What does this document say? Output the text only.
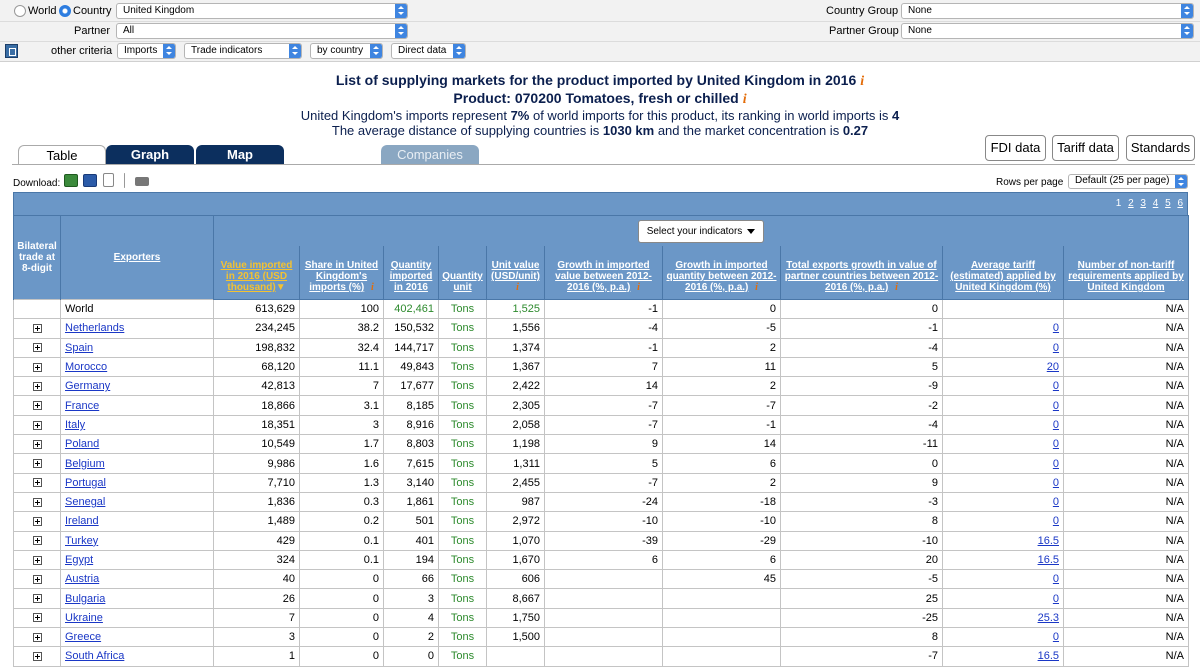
World Country	United Kingdom	Country Group None
Partner	All	Partner Group None
other criteria	Imports	Trade indicators	by country	Direct data
List of supplying markets for the product imported by United Kingdom in 2016 i
Product: 070200 Tomatoes, fresh or chilled i
United Kingdom's imports represent 7% of world imports for this product, its ranking in world imports is 4
The average distance of supplying countries is 1030 km and the market concentration is 0.27
Table	Graph	Map	Companies	FDI data	Tariff data	Standards
Download:	Rows per page	Default (25 per page)
1 2 3 4 5 6
Bilateral trade at 8-digit	Exporters	Select your indicators									
		Value imported in 2016 (USD thousand)▼	Share in United Kingdom's imports (%) i	Quantity imported in 2016	Quantity unit	Unit value (USD/unit) i	Growth in imported value between 2012-2016 (%, p.a.) i	Growth in imported quantity between 2012-2016 (%, p.a.) i	Total exports growth in value of partner countries between 2012-2016 (%, p.a.) i	Average tariff (estimated) applied by United Kingdom (%)	Number of non-tariff requirements applied by United Kingdom
	World	613,629	100	402,461	Tons	1,525	-1	0	0		N/A
	Netherlands	234,245	38.2	150,532	Tons	1,556	-4	-5	-1	0	N/A
	Spain	198,832	32.4	144,717	Tons	1,374	-1	2	-4	0	N/A
	Morocco	68,120	11.1	49,843	Tons	1,367	7	11	5	20	N/A
	Germany	42,813	7	17,677	Tons	2,422	14	2	-9	0	N/A
	France	18,866	3.1	8,185	Tons	2,305	-7	-7	-2	0	N/A
	Italy	18,351	3	8,916	Tons	2,058	-7	-1	-4	0	N/A
	Poland	10,549	1.7	8,803	Tons	1,198	9	14	-11	0	N/A
	Belgium	9,986	1.6	7,615	Tons	1,311	5	6	0	0	N/A
	Portugal	7,710	1.3	3,140	Tons	2,455	-7	2	9	0	N/A
	Senegal	1,836	0.3	1,861	Tons	987	-24	-18	-3	0	N/A
	Ireland	1,489	0.2	501	Tons	2,972	-10	-10	8	0	N/A
	Turkey	429	0.1	401	Tons	1,070	-39	-29	-10	16.5	N/A
	Egypt	324	0.1	194	Tons	1,670	6	6	20	16.5	N/A
	Austria	40	0	66	Tons	606		45	-5	0	N/A
	Bulgaria	26	0	3	Tons	8,667			25	0	N/A
	Ukraine	7	0	4	Tons	1,750			-25	25.3	N/A
	Greece	3	0	2	Tons	1,500			8	0	N/A
	South Africa	1	0	0	Tons				-7	16.5	N/A
